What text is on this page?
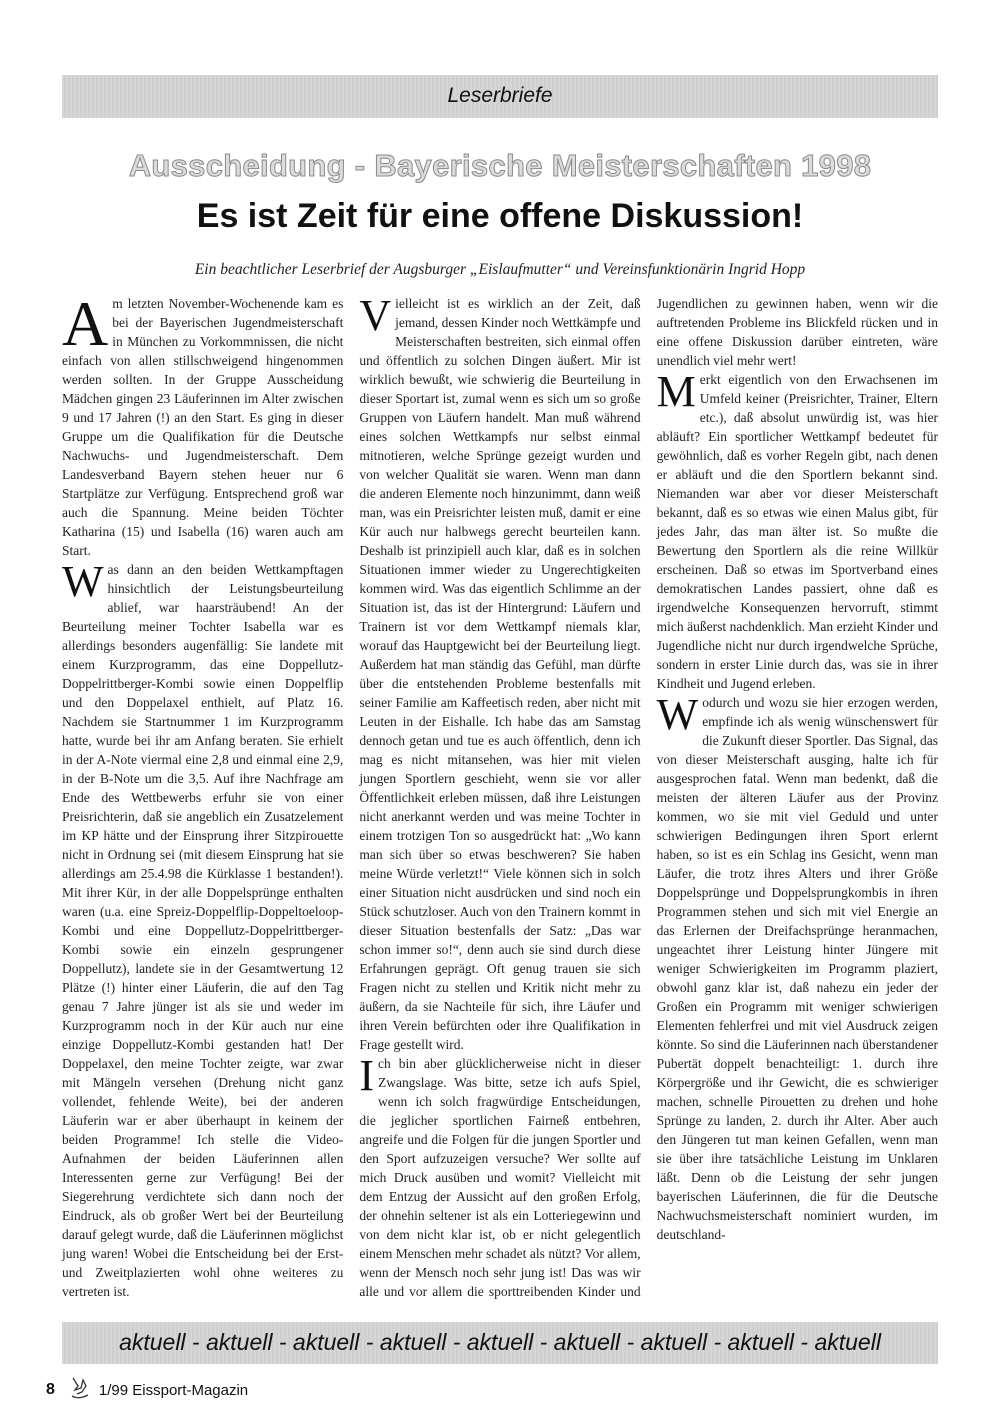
Leserbriefe
Ausscheidung - Bayerische Meisterschaften 1998
Es ist Zeit für eine offene Diskussion!
Ein beachtlicher Leserbrief der Augsburger „Eislaufmutter“ und Vereinsfunktionärin Ingrid Hopp

Am letzten November-Wochenende kam es bei der Bayerischen Jugendmeisterschaft in München zu Vorkommnissen, die nicht einfach von allen stillschweigend hingenommen werden sollten. In der Gruppe Ausscheidung Mädchen gingen 23 Läuferinnen im Alter zwischen 9 und 17 Jahren (!) an den Start. Es ging in dieser Gruppe um die Qualifikation für die Deutsche Nachwuchs- und Jugendmeisterschaft. Dem Landesverband Bayern stehen heuer nur 6 Startplätze zur Verfügung. Entsprechend groß war auch die Spannung. Meine beiden Töchter Katharina (15) und Isabella (16) waren auch am Start.

Was dann an den beiden Wettkampftagen hinsichtlich der Leistungsbeurteilung ablief, war haarsträubend! An der Beurteilung meiner Tochter Isabella war es allerdings besonders augenfällig: Sie landete mit einem Kurzprogramm, das eine Doppellutz-Doppelrittberger-Kombi sowie einen Doppelflip und den Doppelaxel enthielt, auf Platz 16. Nachdem sie Startnummer 1 im Kurzprogramm hatte, wurde bei ihr am Anfang beraten. Sie erhielt in der A-Note viermal eine 2,8 und einmal eine 2,9, in der B-Note um die 3,5. Auf ihre Nachfrage am Ende des Wettbewerbs erfuhr sie von einer Preisrichterin, daß sie angeblich ein Zusatzelement im KP hätte und der Einsprung ihrer Sitzpirouette nicht in Ordnung sei (mit diesem Einsprung hat sie allerdings am 25.4.98 die Kürklasse 1 bestanden!). Mit ihrer Kür, in der alle Doppelsprünge enthalten waren (u.a. eine Spreiz-Doppelflip-Doppeltoeloop-Kombi und eine Doppellutz-Doppelrittberger-Kombi sowie ein einzeln gesprungener Doppellutz), landete sie in der Gesamtwertung 12 Plätze (!) hinter einer Läuferin, die auf den Tag genau 7 Jahre jünger ist als sie und weder im Kurzprogramm noch in der Kür auch nur eine einzige Doppellutz-Kombi gestanden hat! Der Doppelaxel, den meine Tochter zeigte, war zwar mit Mängeln versehen (Drehung nicht ganz vollendet, fehlende Weite), bei der anderen Läuferin war er aber überhaupt in keinem der beiden Programme! Ich stelle die Video-Aufnahmen der beiden Läuferinnen allen Interessenten gerne zur Verfügung! Bei der Siegerehrung verdichtete sich dann noch der Eindruck, als ob großer Wert bei der Beurteilung darauf gelegt wurde, daß die Läuferinnen möglichst jung waren! Wobei die Entscheidung bei der Erst- und Zweitplazierten wohl ohne weiteres zu vertreten ist.

Vielleicht ist es wirklich an der Zeit, daß jemand, dessen Kinder noch Wettkämpfe und Meisterschaften bestreiten, sich einmal offen und öffentlich zu solchen Dingen äußert. Mir ist wirklich bewußt, wie schwierig die Beurteilung in dieser Sportart ist, zumal wenn es sich um so große Gruppen von Läufern handelt. Man muß während eines solchen Wettkampfs nur selbst einmal mitnotieren, welche Sprünge gezeigt wurden und von welcher Qualität sie waren. Wenn man dann die anderen Elemente noch hinzunimmt, dann weiß man, was ein Preisrichter leisten muß, damit er eine Kür auch nur halbwegs gerecht beurteilen kann. Deshalb ist prinzipiell auch klar, daß es in solchen Situationen immer wieder zu Ungerechtigkeiten kommen wird. Was das eigentlich Schlimme an der Situation ist, das ist der Hintergrund: Läufern und Trainern ist vor dem Wettkampf niemals klar, worauf das Hauptgewicht bei der Beurteilung liegt. Außerdem hat man ständig das Gefühl, man dürfte über die entstehenden Probleme bestenfalls mit seiner Familie am Kaffeetisch reden, aber nicht mit Leuten in der Eishalle. Ich habe das am Samstag dennoch getan und tue es auch öffentlich, denn ich mag es nicht mitansehen, was hier mit vielen jungen Sportlern geschieht, wenn sie vor aller Öffentlichkeit erleben müssen, daß ihre Leistungen nicht anerkannt werden und was meine Tochter in einem trotzigen Ton so ausgedrückt hat: „Wo kann man sich über so etwas beschweren? Sie haben meine Würde verletzt!“ Viele können sich in solch einer Situation nicht ausdrücken und sind noch ein Stück schutzloser. Auch von den Trainern kommt in dieser Situation bestenfalls der Satz: „Das war schon immer so!“, denn auch sie sind durch diese Erfahrungen geprägt. Oft genug trauen sie sich Fragen nicht zu stellen und Kritik nicht mehr zu äußern, da sie Nachteile für sich, ihre Läufer und ihren Verein befürchten oder ihre Qualifikation in Frage gestellt wird.

Ich bin aber glücklicherweise nicht in dieser Zwangslage. Was bitte, setze ich aufs Spiel, wenn ich solch fragwürdige Entscheidungen, die jeglicher sportlichen Fairneß entbehren, angreife und die Folgen für die jungen Sportler und den Sport aufzuzeigen versuche? Wer sollte auf mich Druck ausüben und womit? Vielleicht mit dem Entzug der Aussicht auf den großen Erfolg, der ohnehin seltener ist als ein Lotteriegewinn und von dem nicht klar ist, ob er nicht gelegentlich einem Menschen mehr schadet als nützt? Vor allem, wenn der Mensch noch sehr jung ist! Das was wir alle und vor allem die sporttreibenden Kinder und Jugendlichen zu gewinnen haben, wenn wir die auftretenden Probleme ins Blickfeld rücken und in eine offene Diskussion darüber eintreten, wäre unendlich viel mehr wert!

Merkt eigentlich von den Erwachsenen im Umfeld keiner (Preisrichter, Trainer, Eltern etc.), daß absolut unwürdig ist, was hier abläuft? Ein sportlicher Wettkampf bedeutet für gewöhnlich, daß es vorher Regeln gibt, nach denen er abläuft und die den Sportlern bekannt sind. Niemanden war aber vor dieser Meisterschaft bekannt, daß es so etwas wie einen Malus gibt, für jedes Jahr, das man älter ist. So mußte die Bewertung den Sportlern als die reine Willkür erscheinen. Daß so etwas im Sportverband eines demokratischen Landes passiert, ohne daß es irgendwelche Konsequenzen hervorruft, stimmt mich äußerst nachdenklich. Man erzieht Kinder und Jugendliche nicht nur durch irgendwelche Sprüche, sondern in erster Linie durch das, was sie in ihrer Kindheit und Jugend erleben.

Wodurch und wozu sie hier erzogen werden, empfinde ich als wenig wünschenswert für die Zukunft dieser Sportler. Das Signal, das von dieser Meisterschaft ausging, halte ich für ausgesprochen fatal. Wenn man bedenkt, daß die meisten der älteren Läufer aus der Provinz kommen, wo sie mit viel Geduld und unter schwierigen Bedingungen ihren Sport erlernt haben, so ist es ein Schlag ins Gesicht, wenn man Läufer, die trotz ihres Alters und ihrer Größe Doppelsprünge und Doppelsprungkombis in ihren Programmen stehen und sich mit viel Energie an das Erlernen der Dreifachsprünge heranmachen, ungeachtet ihrer Leistung hinter Jüngere mit weniger Schwierigkeiten im Programm plaziert, obwohl ganz klar ist, daß nahezu ein jeder der Großen ein Programm mit weniger schwierigen Elementen fehlerfrei und mit viel Ausdruck zeigen könnte. So sind die Läuferinnen nach überstandener Pubertät doppelt benachteiligt: 1. durch ihre Körpergröße und ihr Gewicht, die es schwieriger machen, schnelle Pirouetten zu drehen und hohe Sprünge zu landen, 2. durch ihr Alter. Aber auch den Jüngeren tut man keinen Gefallen, wenn man sie über ihre tatsächliche Leistung im Unklaren läßt. Denn ob die Leistung der sehr jungen bayerischen Läuferinnen, die für die Deutsche Nachwuchsmeisterschaft nominiert wurden, im deutschland-

aktuell - aktuell - aktuell - aktuell - aktuell - aktuell - aktuell - aktuell - aktuell
8	1/99 Eissport-Magazin
